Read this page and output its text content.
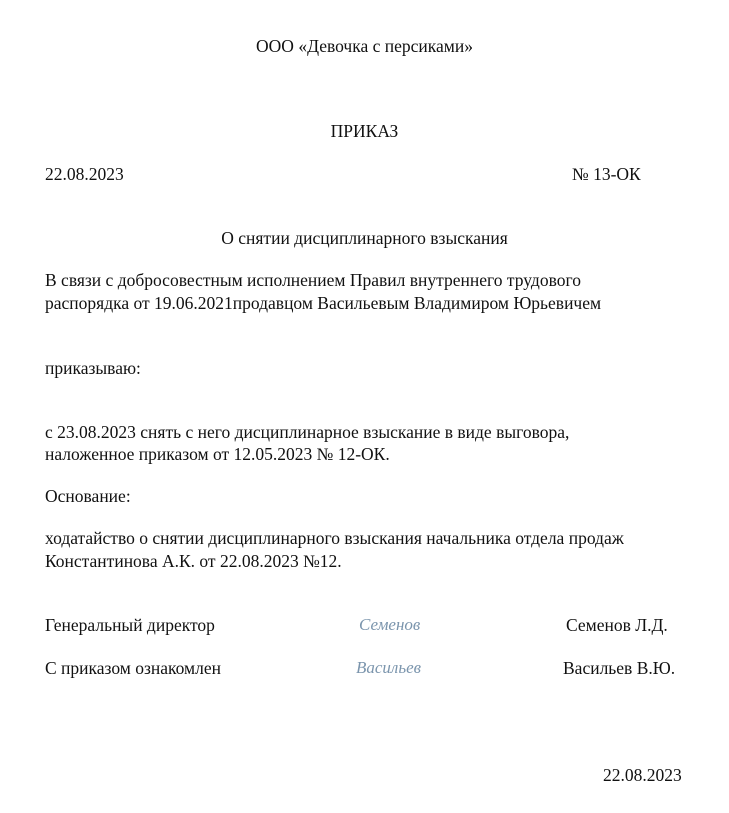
ООО «Девочка с персиками»
ПРИКАЗ
22.08.2023	№ 13-ОК
О снятии дисциплинарного взыскания
В связи с добросовестным исполнением Правил внутреннего трудового
распорядка от 19.06.2021продавцом Васильевым Владимиром Юрьевичем
приказываю:
с 23.08.2023 снять с него дисциплинарное взыскание в виде выговора,
наложенное приказом от 12.05.2023 № 12-ОК.
Основание:
ходатайство о снятии дисциплинарного взыскания начальника отдела продаж
Константинова А.К. от 22.08.2023 №12.
Генеральный директор	Семенов	Семенов Л.Д.
С приказом ознакомлен	Васильев	Васильев В.Ю.
22.08.2023
